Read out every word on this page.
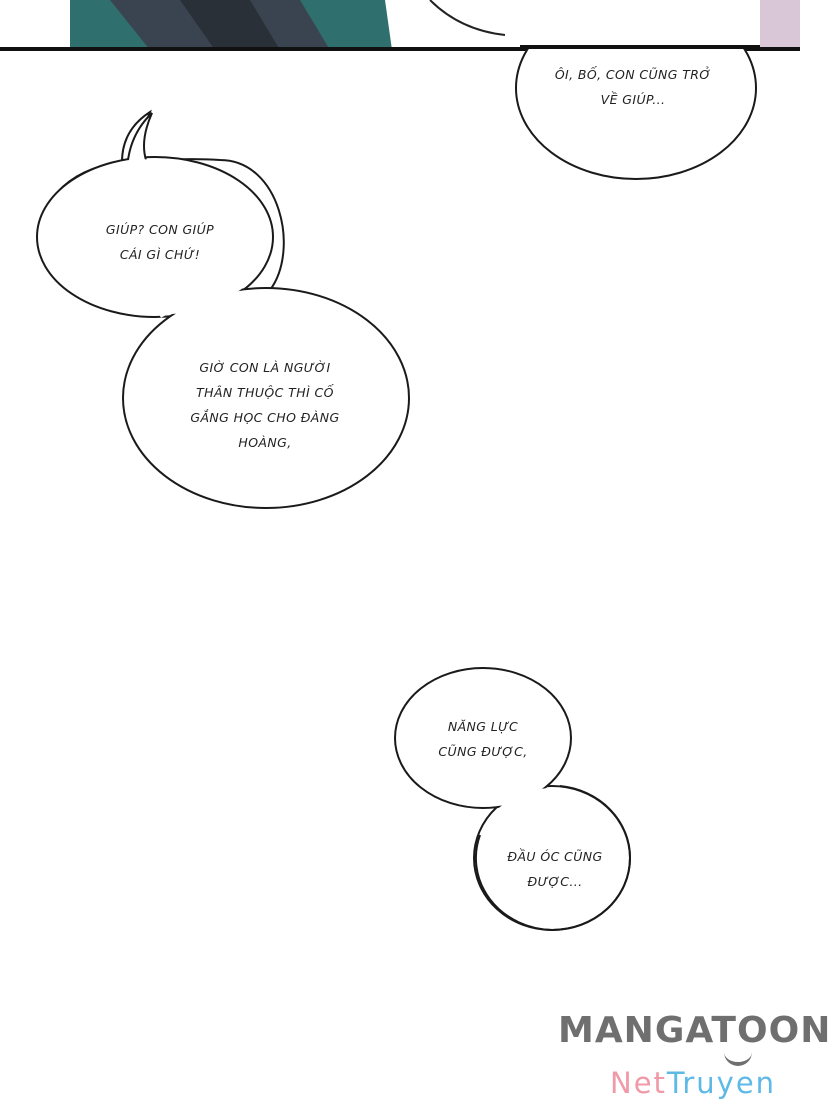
ÔI, BỐ, CON CŨNG TRỞ
VỀ GIÚP...
GIÚP? CON GIÚP
CÁI GÌ CHỨ!
GIỜ CON LÀ NGƯỜI
THÂN THUỘC THÌ CỐ
GẮNG HỌC CHO ĐÀNG
HOÀNG,
NĂNG LỰC
CŨNG ĐƯỢC,
ĐẦU ÓC CŨNG
ĐƯỢC...
MANGATOON
NetTruyen
